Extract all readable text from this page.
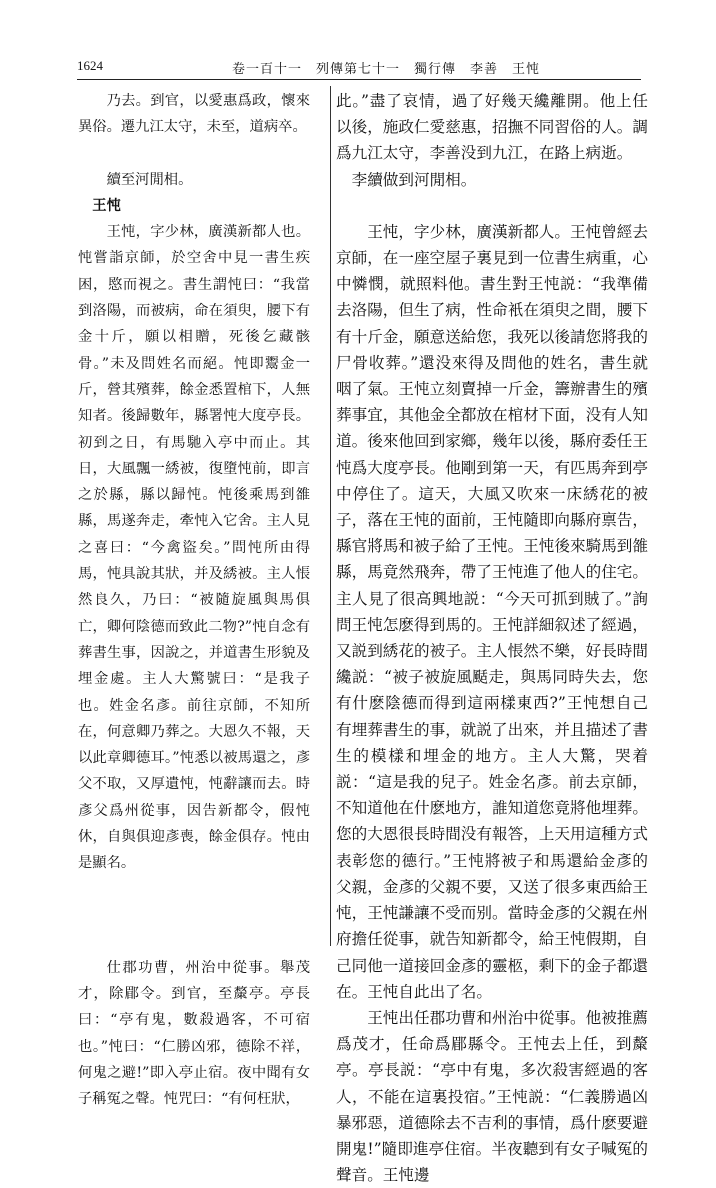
1624	卷一百十一　列傳第七十一　獨行傳　李善　王忳

乃去。到官，以愛惠爲政，懷來異俗。遷九江太守，未至，道病卒。

續至河閒相。

王忳

王忳，字少林，廣漢新都人也。忳嘗詣京師，於空舍中見一書生疾困，愍而視之。書生謂忳曰：“我當到洛陽，而被病，命在須臾，腰下有金十斤，願以相贈，死後乞藏骸骨。”未及問姓名而絕。忳即鬻金一斤，營其殯葬，餘金悉置棺下，人無知者。後歸數年，縣署忳大度亭長。初到之日，有馬馳入亭中而止。其日，大風飄一綉被，復墮忳前，即言之於縣，縣以歸忳。忳後乘馬到雒縣，馬遂奔走，牽忳入它舍。主人見之喜曰：“今禽盜矣。”問忳所由得馬，忳具說其狀，并及綉被。主人悵然良久，乃曰：“被隨旋風與馬俱亡，卿何陰德而致此二物?”忳自念有葬書生事，因說之，并道書生形貌及埋金處。主人大驚號曰：“是我子也。姓金名彥。前往京師，不知所在，何意卿乃葬之。大恩久不報，天以此章卿德耳。”忳悉以被馬還之，彥父不取，又厚遺忳，忳辭讓而去。時彥父爲州從事，因告新都令，假忳休，自與俱迎彥喪，餘金俱存。忳由是顯名。

仕郡功曹，州治中從事。舉茂才，除郿令。到官，至斄亭。亭長曰：“亭有鬼，數殺過客，不可宿也。”忳曰：“仁勝凶邪，德除不祥，何鬼之避!”即入亭止宿。夜中聞有女子稱冤之聲。忳咒曰：“有何枉狀，

此。”盡了哀情，過了好幾天纔離開。他上任以後，施政仁愛慈惠，招撫不同習俗的人。調爲九江太守，李善没到九江，在路上病逝。

李續做到河閒相。

王忳，字少林，廣漢新都人。王忳曾經去京師，在一座空屋子裏見到一位書生病重，心中憐憫，就照料他。書生對王忳説：“我準備去洛陽，但生了病，性命衹在須臾之間，腰下有十斤金，願意送給您，我死以後請您將我的尸骨收葬。”還没來得及問他的姓名，書生就咽了氣。王忳立刻賣掉一斤金，籌辦書生的殯葬事宜，其他金全都放在棺材下面，没有人知道。後來他回到家鄉，幾年以後，縣府委任王忳爲大度亭長。他剛到第一天，有匹馬奔到亭中停住了。這天，大風又吹來一床綉花的被子，落在王忳的面前，王忳隨即向縣府禀告，縣官將馬和被子給了王忳。王忳後來騎馬到雒縣，馬竟然飛奔，帶了王忳進了他人的住宅。主人見了很高興地説：“今天可抓到賊了。”詢問王忳怎麽得到馬的。王忳詳細叙述了經過，又説到綉花的被子。主人悵然不樂，好長時間纔説：“被子被旋風颳走，與馬同時失去，您有什麽陰德而得到這兩樣東西?”王忳想自己有埋葬書生的事，就説了出來，并且描述了書生的模樣和埋金的地方。主人大驚，哭着説：“這是我的兒子。姓金名彥。前去京師，不知道他在什麽地方，誰知道您竟將他埋葬。您的大恩很長時間没有報答，上天用這種方式表彰您的德行。”王忳將被子和馬還給金彥的父親，金彥的父親不要，又送了很多東西給王忳，王忳謙讓不受而别。當時金彥的父親在州府擔任從事，就告知新都令，給王忳假期，自己同他一道接回金彥的靈柩，剩下的金子都還在。王忳自此出了名。

王忳出任郡功曹和州治中從事。他被推薦爲茂才，任命爲郿縣令。王忳去上任，到斄亭。亭長説：“亭中有鬼，多次殺害經過的客人，不能在這裏投宿。”王忳説：“仁義勝過凶暴邪惡，道德除去不吉利的事情，爲什麽要避開鬼!”隨即進亭住宿。半夜聽到有女子喊冤的聲音。王忳邊
